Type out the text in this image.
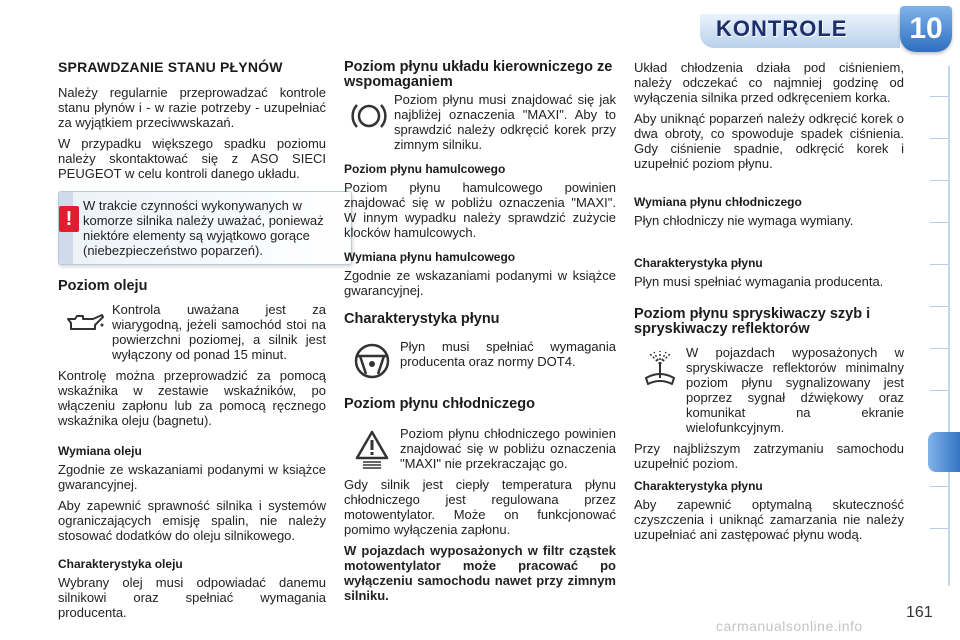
KONTROLE	10
SPRAWDZANIE STANU PŁYNÓW

Należy regularnie przeprowadzać kontrole stanu płynów i - w razie potrzeby - uzupełniać za wyjątkiem przeciwwskazań.

W przypadku większego spadku poziomu należy skontaktować się z ASO SIECI PEUGEOT w celu kontroli danego układu.

!
W trakcie czynności wykonywanych w komorze silnika należy uważać, ponieważ niektóre elementy są wyjątkowo gorące (niebezpieczeństwo poparzeń).
Poziom oleju

Kontrola uważana jest za wiarygodną, jeżeli samochód stoi na powierzchni poziomej, a silnik jest wyłączony od ponad 15 minut.

Kontrolę można przeprowadzić za pomocą wskaźnika w zestawie wskaźników, po włączeniu zapłonu lub za pomocą ręcznego wskaźnika oleju (bagnetu).

Wymiana oleju

Zgodnie ze wskazaniami podanymi w książce gwarancyjnej.

Aby zapewnić sprawność silnika i systemów ograniczających emisję spalin, nie należy stosować dodatków do oleju silnikowego.

Charakterystyka oleju

Wybrany olej musi odpowiadać danemu silnikowi oraz spełniać wymagania producenta.

Poziom płynu układu kierowniczego ze wspomaganiem

Poziom płynu musi znajdować się jak najbliżej oznaczenia "MAXI". Aby to sprawdzić należy odkręcić korek przy zimnym silniku.

Poziom płynu hamulcowego

Poziom płynu hamulcowego powinien znajdować się w pobliżu oznaczenia "MAXI". W innym wypadku należy sprawdzić zużycie klocków hamulcowych.

Wymiana płynu hamulcowego

Zgodnie ze wskazaniami podanymi w książce gwarancyjnej.

Charakterystyka płynu

Płyn musi spełniać wymagania producenta oraz normy DOT4.

Poziom płynu chłodniczego

Poziom płynu chłodniczego powinien znajdować się w pobliżu oznaczenia "MAXI" nie przekraczając go.

Gdy silnik jest ciepły temperatura płynu chłodniczego jest regulowana przez motowentylator. Może on funkcjonować pomimo wyłączenia zapłonu.

W pojazdach wyposażonych w filtr cząstek motowentylator może pracować po wyłączeniu samochodu nawet przy zimnym silniku.

Układ chłodzenia działa pod ciśnieniem, należy odczekać co najmniej godzinę od wyłączenia silnika przed odkręceniem korka.

Aby uniknąć poparzeń należy odkręcić korek o dwa obroty, co spowoduje spadek ciśnienia. Gdy ciśnienie spadnie, odkręcić korek i uzupełnić poziom płynu.

Wymiana płynu chłodniczego

Płyn chłodniczy nie wymaga wymiany.

Charakterystyka płynu

Płyn musi spełniać wymagania producenta.

Poziom płynu spryskiwaczy szyb i spryskiwaczy reflektorów

W pojazdach wyposażonych w spryskiwacze reflektorów minimalny poziom płynu sygnalizowany jest poprzez sygnał dźwiękowy oraz komunikat na ekranie wielofunkcyjnym.

Przy najbliższym zatrzymaniu samochodu uzupełnić poziom.

Charakterystyka płynu

Aby zapewnić optymalną skuteczność czyszczenia i uniknąć zamarzania nie należy uzupełniać ani zastępować płynu wodą.

161
carmanualsonline.info
